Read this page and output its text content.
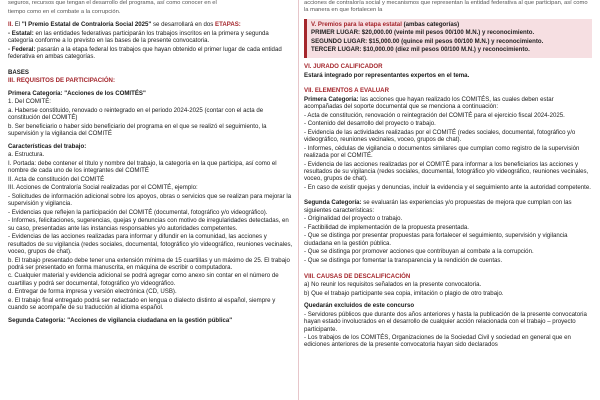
seguros, recursos que tengan el desarrollo del programa, así como conocer en el

tiempo como en el combate a la corrupción.

II. El "I Premio Estatal de Contraloría Social 2025" se desarrollará en dos ETAPAS:

- Estatal: en las entidades federativas participarán los trabajos inscritos en la primera y segunda categoría conforme a lo previsto en las bases de la presente convocatoria.

- Federal: pasarán a la etapa federal los trabajos que hayan obtenido el primer lugar de cada entidad federativa en ambas categorías.

BASES

III. REQUISITOS DE PARTICIPACIÓN:

Primera Categoría: "Acciones de los COMITÉS"

1. Del COMITÉ:

a. Haberse constituido, renovado o reintegrado en el periodo 2024-2025 (contar con el acta de constitución del COMITÉ)

b. Ser beneficiario o haber sido beneficiario del programa en el que se realizó el seguimiento, la supervisión y la vigilancia del COMITÉ

Características del trabajo:

a. Estructura.

I. Portada: debe contener el título y nombre del trabajo, la categoría en la que participa, así como el nombre de cada uno de los integrantes del COMITÉ

II. Acta de constitución del COMITÉ

III. Acciones de Contraloría Social realizadas por el COMITÉ, ejemplo:

- Solicitudes de información adicional sobre los apoyos, obras o servicios que se realizan para mejorar la supervisión y vigilancia.

- Evidencias que reflejen la participación del COMITÉ (documental, fotográfico y/o videográfico).

- Informes, felicitaciones, sugerencias, quejas y denuncias con motivo de irregularidades detectadas, en su caso, presentadas ante las instancias responsables y/o autoridades competentes.

- Evidencias de las acciones realizadas para informar y difundir en la comunidad, las acciones y resultados de su vigilancia (redes sociales, documental, fotográfico y/o videográfico, reuniones vecinales, voceo, grupos de chat).

b. El trabajo presentado debe tener una extensión mínima de 15 cuartillas y un máximo de 25. El trabajo podrá ser presentado en forma manuscrita, en máquina de escribir o computadora.

c. Cualquier material y evidencia adicional se podrá agregar como anexo sin contar en el número de cuartillas y podrá ser documental, fotográfico y/o videográfico.

d. Entregar de forma impresa y versión electrónica (CD, USB).

e. El trabajo final entregado podrá ser redactado en lengua o dialecto distinto al español, siempre y cuando se acompañe de su traducción al idioma español.

Segunda Categoría: "Acciones de vigilancia ciudadana en la gestión pública"

acciones de contraloría social y mecanismos que representan la entidad federativa al que participan, así como la manera en que fortalecen la

V. Premios para la etapa estatal (ambas categorías)

PRIMER LUGAR: $20,000.00 (veinte mil pesos 00/100 M.N.) y reconocimiento.

SEGUNDO LUGAR: $15,000.00 (quince mil pesos 00/100 M.N.) y reconocimiento.

TERCER LUGAR: $10,000.00 (diez mil pesos 00/100 M.N.) y reconocimiento.

VI. JURADO CALIFICADOR

Estará integrado por representantes expertos en el tema.

VII. ELEMENTOS A EVALUAR

Primera Categoría: las acciones que hayan realizado los COMITÉS, las cuales deben estar acompañadas del soporte documental que se menciona a continuación:

- Acta de constitución, renovación o reintegración del COMITÉ para el ejercicio fiscal 2024-2025.

- Contenido del desarrollo del proyecto o trabajo.

- Evidencia de las actividades realizadas por el COMITÉ (redes sociales, documental, fotográfico y/o videográfico, reuniones vecinales, voceo, grupos de chat).

- Informes, cédulas de vigilancia o documentos similares que cumplan como registro de la supervisión realizada por el COMITÉ.

- Evidencia de las acciones realizadas por el COMITÉ para informar a los beneficiarios las acciones y resultados de su vigilancia (redes sociales, documental, fotográfico y/o videográfico, reuniones vecinales, voceo, grupos de chat).

- En caso de existir quejas y denuncias, incluir la evidencia y el seguimiento ante la autoridad competente.

Segunda Categoría: se evaluarán las experiencias y/o propuestas de mejora que cumplan con las siguientes características:

- Originalidad del proyecto o trabajo.

- Factibilidad de implementación de la propuesta presentada.

- Que se distinga por presentar propuestas para fortalecer el seguimiento, supervisión y vigilancia ciudadana en la gestión pública.

- Que se distinga por promover acciones que contribuyan al combate a la corrupción.

- Que se distinga por fomentar la transparencia y la rendición de cuentas.

VIII. CAUSAS DE DESCALIFICACIÓN

a) No reunir los requisitos señalados en la presente convocatoria.

b) Que el trabajo participante sea copia, imitación o plagio de otro trabajo.

Quedarán excluidos de este concurso

- Servidores públicos que durante dos años anteriores y hasta la publicación de la presente convocatoria hayan estado involucrados en el desarrollo de cualquier acción relacionada con el trabajo – proyecto participante.

- Los trabajos de los COMITÉS, Organizaciones de la Sociedad Civil y sociedad en general que en ediciones anteriores de la presente convocatoria hayan sido declarados
